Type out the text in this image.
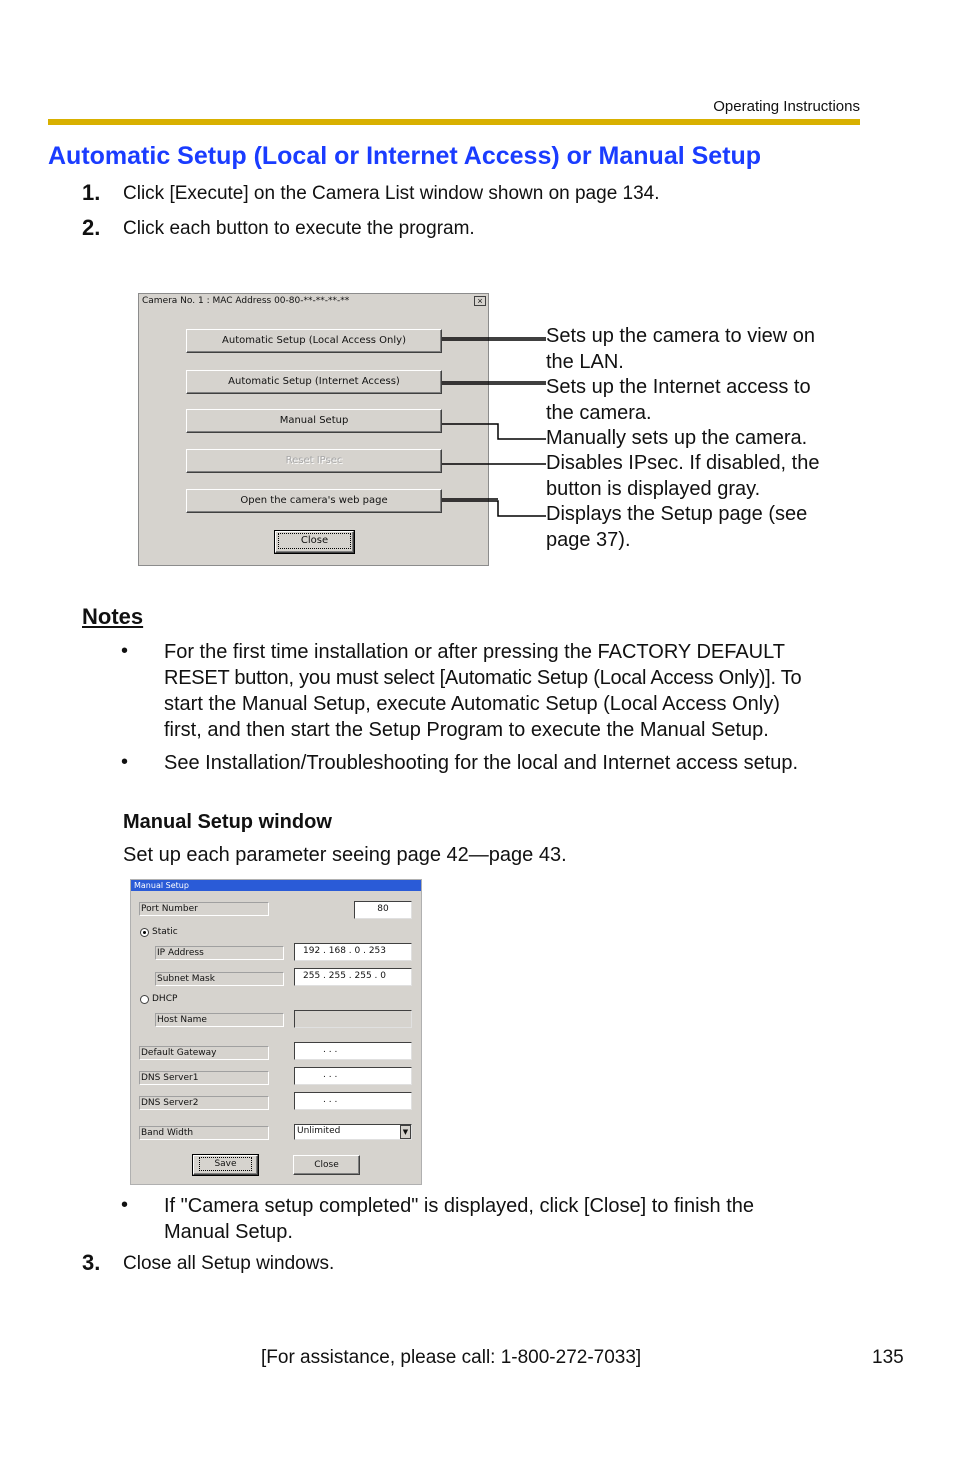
Operating Instructions
Automatic Setup (Local or Internet Access) or Manual Setup
1. Click [Execute] on the Camera List window shown on page 134.
2. Click each button to execute the program.
Camera No. 1 : MAC Address 00-80-**-**-**-**	×
Automatic Setup (Local Access Only)
Automatic Setup (Internet Access)
Manual Setup
Reset IPsec
Open the camera's web page
Close
Sets up the camera to view on
the LAN.
Sets up the Internet access to
the camera.
Manually sets up the camera.
Disables IPsec. If disabled, the
button is displayed gray.
Displays the Setup page (see
page 37).
Notes
• For the first time installation or after pressing the FACTORY DEFAULT
RESET button, you must select [Automatic Setup (Local Access Only)]. To
start the Manual Setup, execute Automatic Setup (Local Access Only)
first, and then start the Setup Program to execute the Manual Setup.
• See Installation/Troubleshooting for the local and Internet access setup.
Manual Setup window
Set up each parameter seeing page 42—page 43.
Manual Setup
Port Number	80
Static
IP Address	192 . 168 . 0 . 253
Subnet Mask	255 . 255 . 255 . 0
DHCP
Host Name
Default Gateway	. . .
DNS Server1	. . .
DNS Server2	. . .
Band Width	Unlimited	▼
Save	Close
• If "Camera setup completed" is displayed, click [Close] to finish the
Manual Setup.
3. Close all Setup windows.
[For assistance, please call: 1-800-272-7033]	135
